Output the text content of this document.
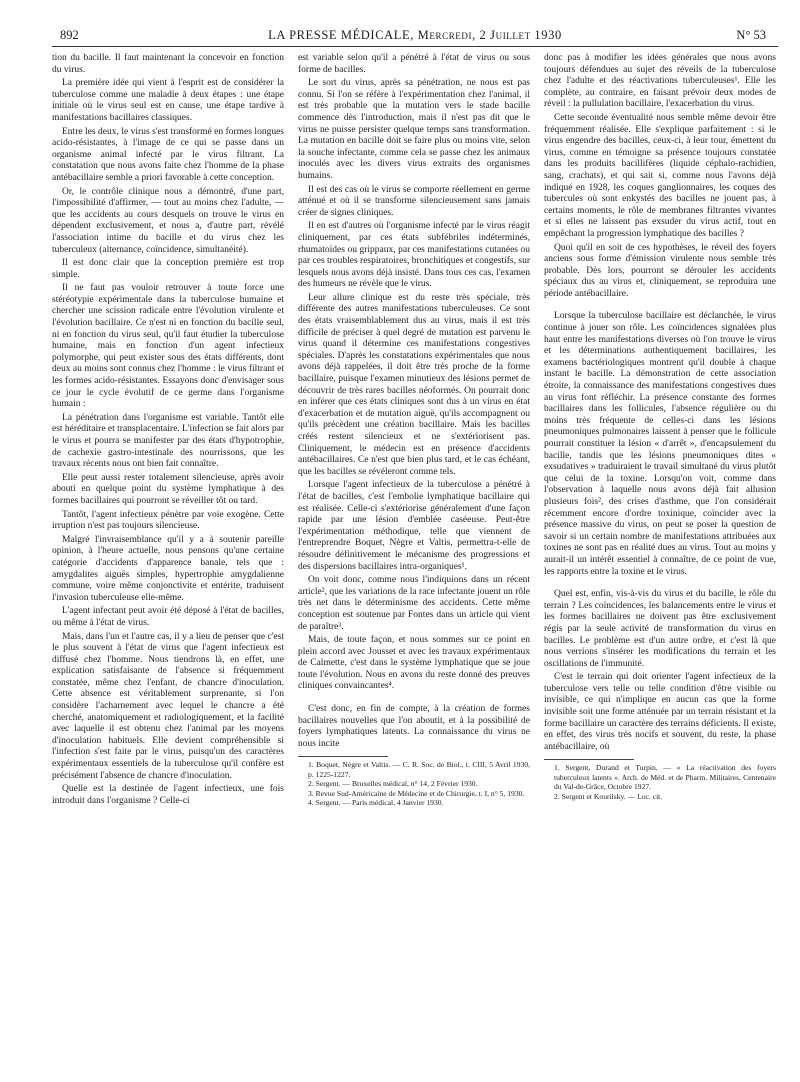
892	LA PRESSE MÉDICALE, Mercredi, 2 Juillet 1930	N° 53

tion du bacille. Il faut maintenant la concevoir en fonction du virus.

La première idée qui vient à l'esprit est de considérer la tuberculose comme une maladie à deux étapes : une étape initiale où le virus seul est en cause, une étape tardive à manifestations bacillaires classiques.

Entre les deux, le virus s'est transformé en formes longues acido-résistantes, à l'image de ce qui se passe dans un organisme animal infecté par le virus filtrant. La constatation que nous avons faite chez l'homme de la phase antébacillaire semble a priori favorable à cette conception.

Or, le contrôle clinique nous a démontré, d'une part, l'impossibilité d'affirmer, — tout au moins chez l'adulte, — que les accidents au cours desquels on trouve le virus en dépendent exclusivement, et nous a, d'autre part, révélé l'association intime du bacille et du virus chez les tuberculeux (alternance, coïncidence, simultanéité).

Il est donc clair que la conception première est trop simple.

Il ne faut pas vouloir retrouver à toute force une stéréotypie expérimentale dans la tuberculose humaine et chercher une scission radicale entre l'évolution virulente et l'évolution bacillaire. Ce n'est ni en fonction du bacille seul, ni en fonction du virus seul, qu'il faut étudier la tuberculose humaine, mais en fonction d'un agent infectieux polymorphe, qui peut exister sous des états différents, dont deux au moins sont connus chez l'homme : le virus filtrant et les formes acido-résistantes. Essayons donc d'envisager sous ce jour le cycle évolutif de ce germe dans l'organisme humain :

La pénétration dans l'organisme est variable. Tantôt elle est héréditaire et transplacentaire. L'infection se fait alors par le virus et pourra se manifester par des états d'hypotrophie, de cachexie gastro-intestinale des nourrissons, que les travaux récents nous ont bien fait connaître.

Elle peut aussi rester totalement silencieuse, après avoir abouti en quelque point du système lymphatique à des formes bacillaires qui pourront se réveiller tôt ou tard.

Tantôt, l'agent infectieux pénètre par voie exogène. Cette irruption n'est pas toujours silencieuse.

Malgré l'invraisemblance qu'il y a à soutenir pareille opinion, à l'heure actuelle, nous pensons qu'une certaine catégorie d'accidents d'apparence banale, tels que : amygdalites aiguës simples, hypertrophie amygdalienne commune, voire même conjonctivite et entérite, traduisent l'invasion tuberculeuse elle-même.

L'agent infectant peut avoir été déposé à l'état de bacilles, ou même à l'état de virus.

Mais, dans l'un et l'autre cas, il y a lieu de penser que c'est le plus souvent à l'état de virus que l'agent infectieux est diffusé chez l'homme. Nous tiendrons là, en effet, une explication satisfaisante de l'absence si fréquemment constatée, même chez l'enfant, de chancre d'inoculation. Cette absence est véritablement surprenante, si l'on considère l'acharnement avec lequel le chancre a été cherché, anatomiquement et radiologiquement, et la facilité avec laquelle il est obtenu chez l'animal par les moyens d'inoculation habituels. Elle devient compréhensible si l'infection s'est faite par le virus, puisqu'un des caractères expérimentaux essentiels de la tuberculose qu'il confère est précisément l'absence de chancre d'inoculation.

Quelle est la destinée de l'agent infectieux, une fois introduit dans l'organisme ? Celle-ci

est variable selon qu'il a pénétré à l'état de virus ou sous forme de bacilles.

Le sort du virus, après sa pénétration, ne nous est pas connu. Si l'on se réfère à l'expérimentation chez l'animal, il est très probable que la mutation vers le stade bacille commence dès l'introduction, mais il n'est pas dit que le virus ne puisse persister quelque temps sans transformation. La mutation en bacille doit se faire plus ou moins vite, selon la souche infectante, comme cela se passe chez les animaux inoculés avec les divers virus extraits des organismes humains.

Il est des cas où le virus se comporte réellement en germe atténué et où il se transforme silencieusement sans jamais créer de signes cliniques.

Il en est d'autres où l'organisme infecté par le virus réagit cliniquement, par ces états subfébriles indéterminés, rhumatoïdes ou grippaux, par ces manifestations cutanées ou par ces troubles respiratoires, bronchitiques et congestifs, sur lesquels nous avons déjà insisté. Dans tous ces cas, l'examen des humeurs ne révèle que le virus.

Leur allure clinique est du reste très spéciale, très différente des autres manifestations tuberculeuses. Ce sont des états vraisemblablement dus au virus, mais il est très difficile de préciser à quel degré de mutation est parvenu le virus quand il détermine ces manifestations congestives spéciales. D'après les constatations expérimentales que nous avons déjà rappelées, il doit être très proche de la forme bacillaire, puisque l'examen minutieux des lésions permet de découvrir de très rares bacilles néoformés. On pourrait donc en inférer que ces états cliniques sont dus à un virus en état d'exacerbation et de mutation aiguë, qu'ils accompagnent ou qu'ils précèdent une création bacillaire. Mais les bacilles créés restent silencieux et ne s'extériorisent pas. Cliniquement, le médecin est en présence d'accidents antébacillaires. Ce n'est que bien plus tard, et le cas échéant, que les bacilles se révéleront comme tels.

Lorsque l'agent infectieux de la tuberculose a pénétré à l'état de bacilles, c'est l'embolie lymphatique bacillaire qui est réalisée. Celle-ci s'extériorise généralement d'une façon rapide par une lésion d'emblée caséeuse. Peut-être l'expérimentation méthodique, telle que viennent de l'entreprendre Boquet, Nègre et Valtis, permettra-t-elle de résoudre définitivement le mécanisme des progressions et des dispersions bacillaires intra-organiques¹.

On voit donc, comme nous l'indiquions dans un récent article², que les variations de la race infectante jouent un rôle très net dans le déterminisme des accidents. Cette même conception est soutenue par Fontes dans un article qui vient de paraître³.

Mais, de toute façon, et nous sommes sur ce point en plein accord avec Jousset et avec les travaux expérimentaux de Calmette, c'est dans le système lymphatique que se joue toute l'évolution. Nous en avons du reste donné des preuves cliniques convaincantes⁴.

C'est donc, en fin de compte, à la création de formes bacillaires nouvelles que l'on aboutit, et à la possibilité de foyers lymphatiques latents. La connaissance du virus ne nous incite

1. Boquet, Nègre et Valtis. — C. R. Soc. de Biol., t. CIII, 5 Avril 1930, p. 1225-1227.

2. Sergent. — Bruxelles médical, n° 14, 2 Février 1930.

3. Revue Sud-Américaine de Médecine et de Chirurgie, t. I, n° 5, 1930.

4. Sergent. — Paris médical, 4 Janvier 1930.

donc pas à modifier les idées générales que nous avons toujours défendues au sujet des réveils de la tuberculose chez l'adulte et des réactivations tuberculeuses¹. Elle les complète, au contraire, en faisant prévoir deux modes de réveil : la pullulation bacillaire, l'exacerbation du virus.

Cette seconde éventualité nous semble même devoir être fréquemment réalisée. Elle s'explique parfaitement : si le virus engendre des bacilles, ceux-ci, à leur tour, émettent du virus, comme en témoigne sa présence toujours constatée dans les produits bacillifères (liquide céphalo-rachidien, sang, crachats), et qui sait si, comme nous l'avons déjà indiqué en 1928, les coques ganglionnaires, les coques des tubercules où sont enkystés des bacilles ne jouent pas, à certains moments, le rôle de membranes filtrantes vivantes et si elles ne laissent pas exsuder du virus actif, tout en empêchant la progression lymphatique des bacilles ?

Quoi qu'il en soit de ces hypothèses, le réveil des foyers anciens sous forme d'émission virulente nous semble très probable. Dès lors, pourront se dérouler les accidents spéciaux dus au virus et, cliniquement, se reproduira une période antébacillaire.

Lorsque la tuberculose bacillaire est déclanchée, le virus continue à jouer son rôle. Les coïncidences signalées plus haut entre les manifestations diverses où l'on trouve le virus et les déterminations authentiquement bacillaires, les examens bactériologiques montrent qu'il double à chaque instant le bacille. La démonstration de cette association étroite, la connaissance des manifestations congestives dues au virus font réfléchir. La présence constante des formes bacillaires dans les follicules, l'absence régulière ou du moins très fréquente de celles-ci dans les lésions pneumoniques pulmonaires laissent à penser que le follicule pourrait constituer la lésion « d'arrêt », d'encapsulement du bacille, tandis que les lésions pneumoniques dites « exsudatives » traduiraient le travail simultané du virus plutôt que celui de la toxine. Lorsqu'on voit, comme dans l'observation à laquelle nous avons déjà fait allusion plusieurs fois², des crises d'asthme, que l'on considérait récemment encore d'ordre toxinique, coïncider avec la présence massive du virus, on peut se poser la question de savoir si un certain nombre de manifestations attribuées aux toxines ne sont pas en réalité dues au virus. Tout au moins y aurait-il un intérêt essentiel à connaître, de ce point de vue, les rapports entre la toxine et le virus.

Quel est, enfin, vis-à-vis du virus et du bacille, le rôle du terrain ? Les coïncidences, les balancements entre le virus et les formes bacillaires ne doivent pas être exclusivement régis par la seule activité de transformation du virus en bacilles. Le problème est d'un autre ordre, et c'est là que nous verrions s'insérer les modifications du terrain et les oscillations de l'immunité.

C'est le terrain qui doit orienter l'agent infectieux de la tuberculose vers telle ou telle condition d'être visible ou invisible, ce qui n'implique en aucun cas que la forme invisible soit une forme atténuée par un terrain résistant et la forme bacillaire un caractère des terrains déficients. Il existe, en effet, des virus très nocifs et souvent, du reste, la phase antébacillaire, où

1. Sergent, Durand et Turpin. — « La réactivation des foyers tuberculeux latents ». Arch. de Méd. et de Pharm. Militaires, Centenaire du Val-de-Grâce, Octobre 1927.

2. Sergent et Kourilsky. — Loc. cit.
